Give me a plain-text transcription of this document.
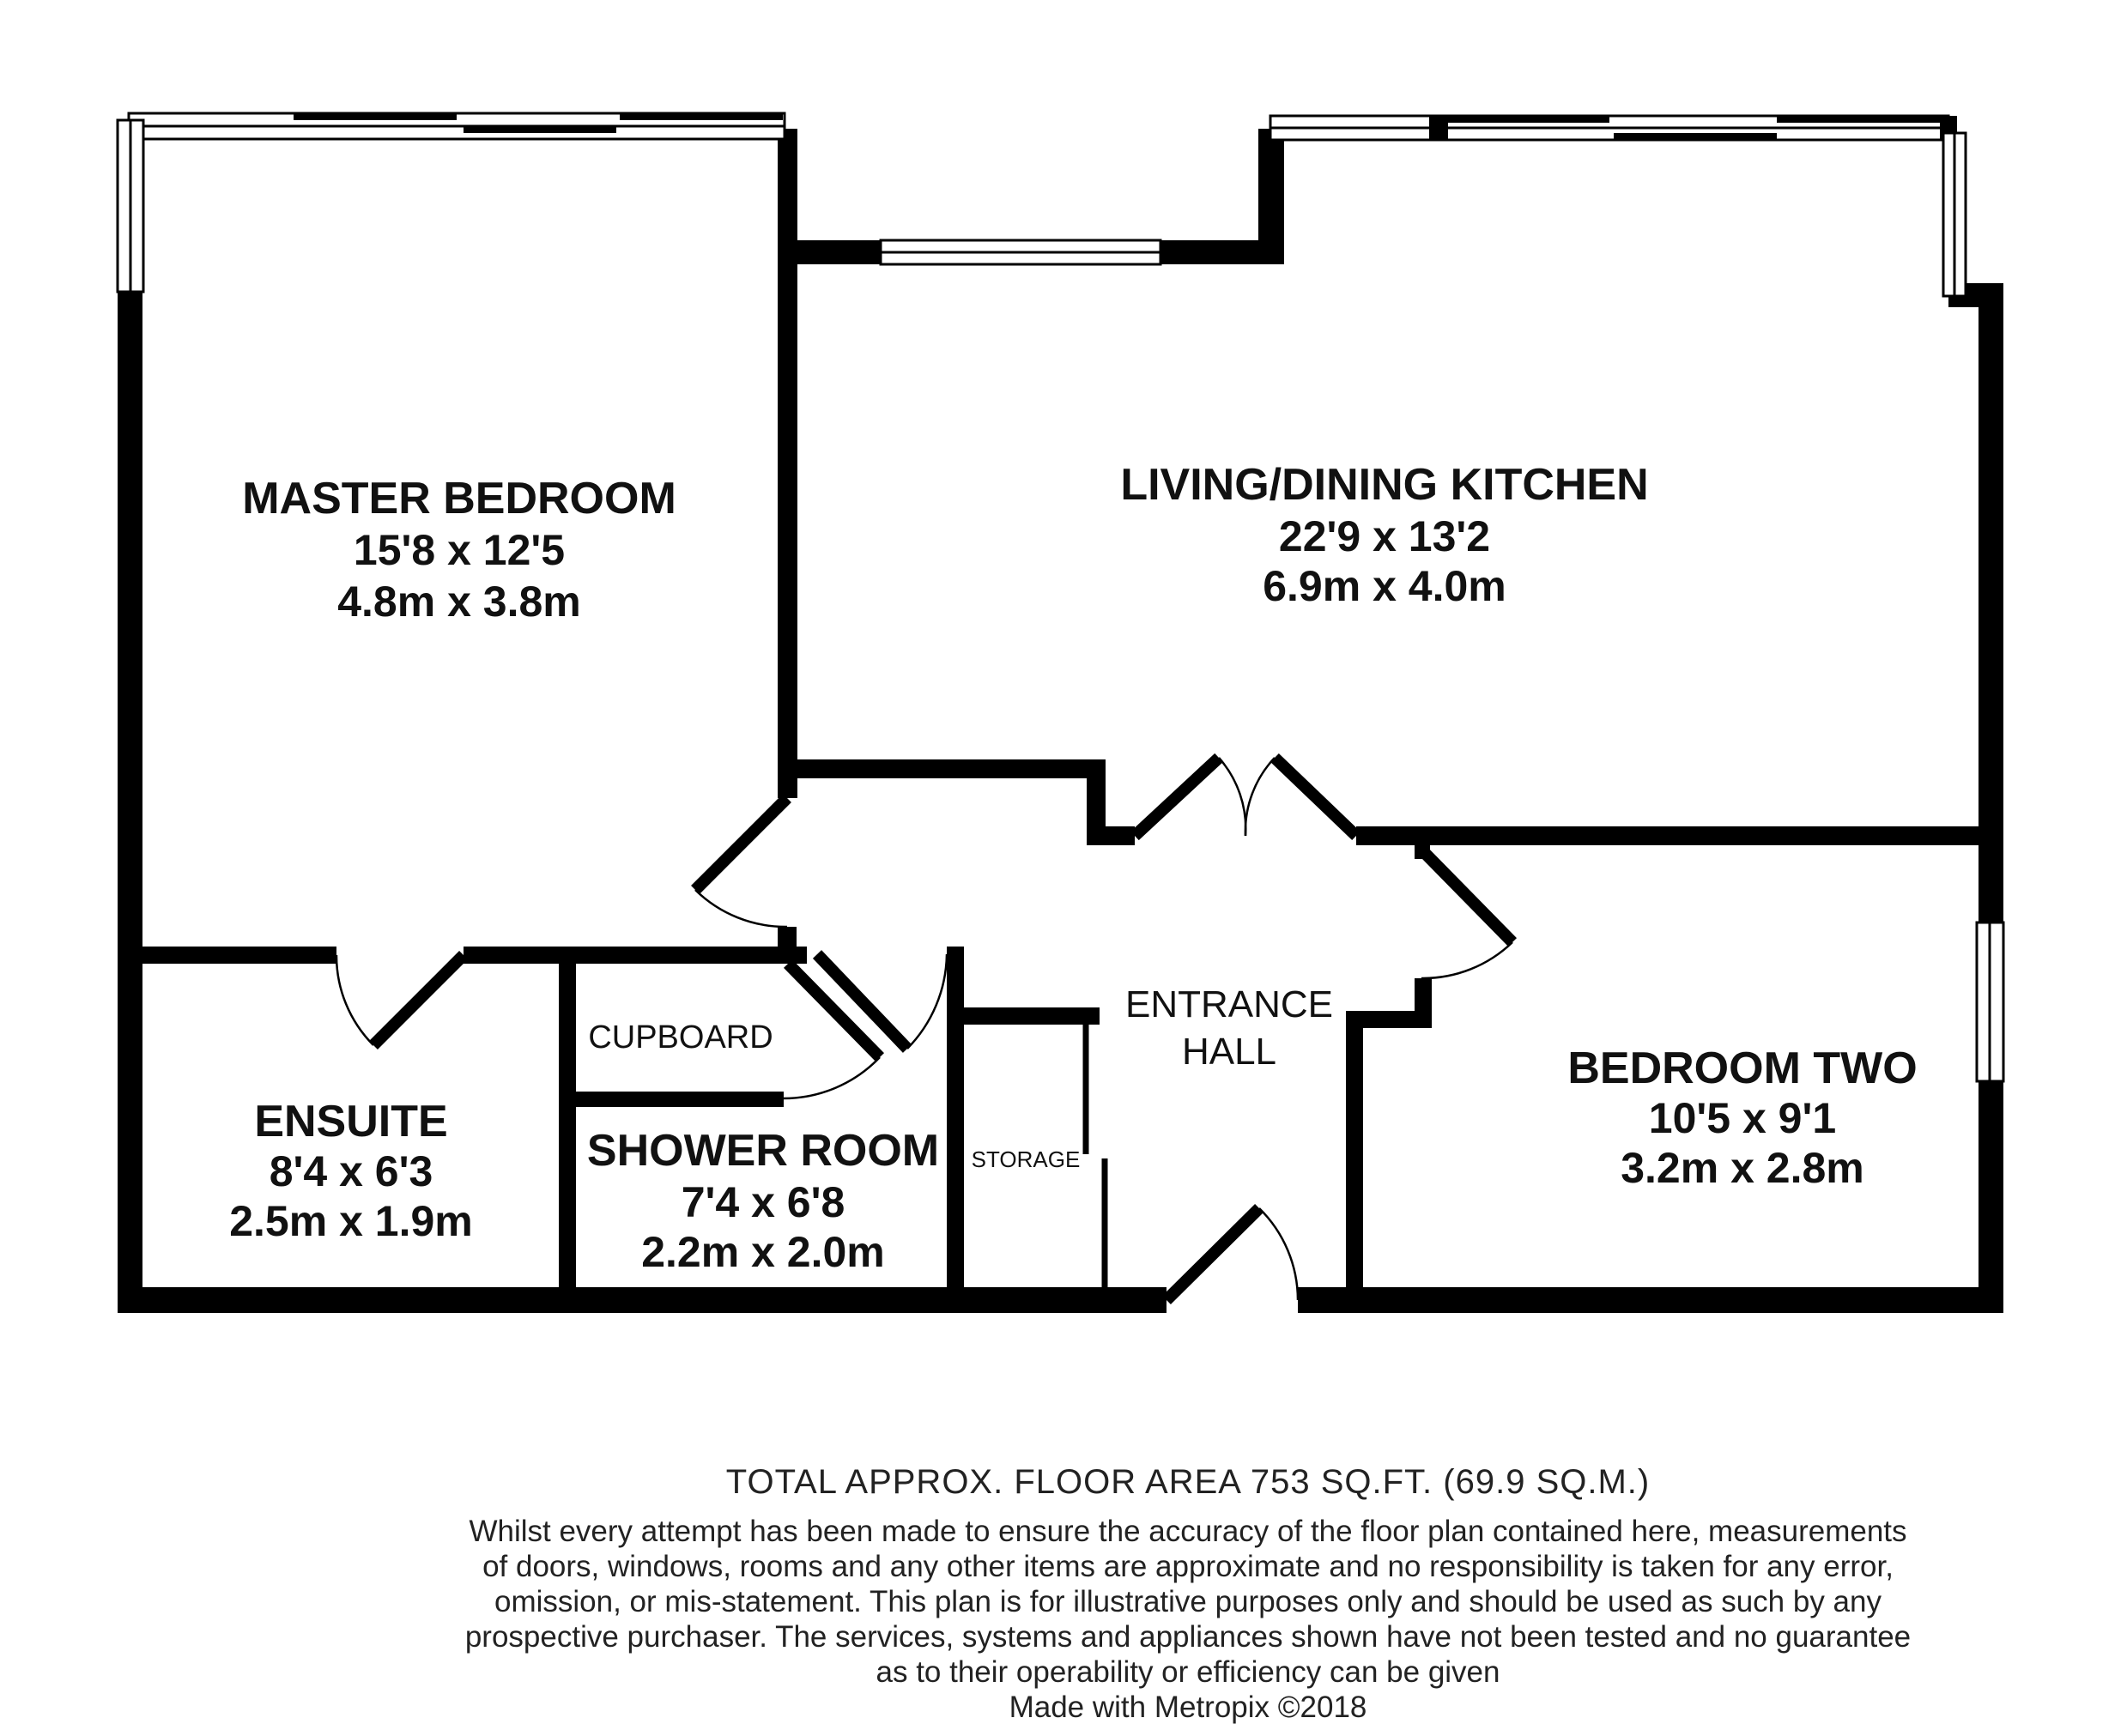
MASTER BEDROOM
15'8 x 12'5
4.8m x 3.8m
LIVING/DINING KITCHEN
22'9 x 13'2
6.9m x 4.0m
ENTRANCE
HALL	BEDROOM TWO
10'5 x 9'1
3.2m x 2.8m
ENSUITE
8'4 x 6'3
2.5m x 1.9m
CUPBOARD
SHOWER ROOM
7'4 x 6'8
2.2m x 2.0m
STORAGE
TOTAL APPROX. FLOOR AREA 753 SQ.FT. (69.9 SQ.M.)
Whilst every attempt has been made to ensure the accuracy of the floor plan contained here, measurements
of doors, windows, rooms and any other items are approximate and no responsibility is taken for any error,
omission, or mis-statement. This plan is for illustrative purposes only and should be used as such by any
prospective purchaser. The services, systems and appliances shown have not been tested and no guarantee
as to their operability or efficiency can be given
Made with Metropix ©2018
